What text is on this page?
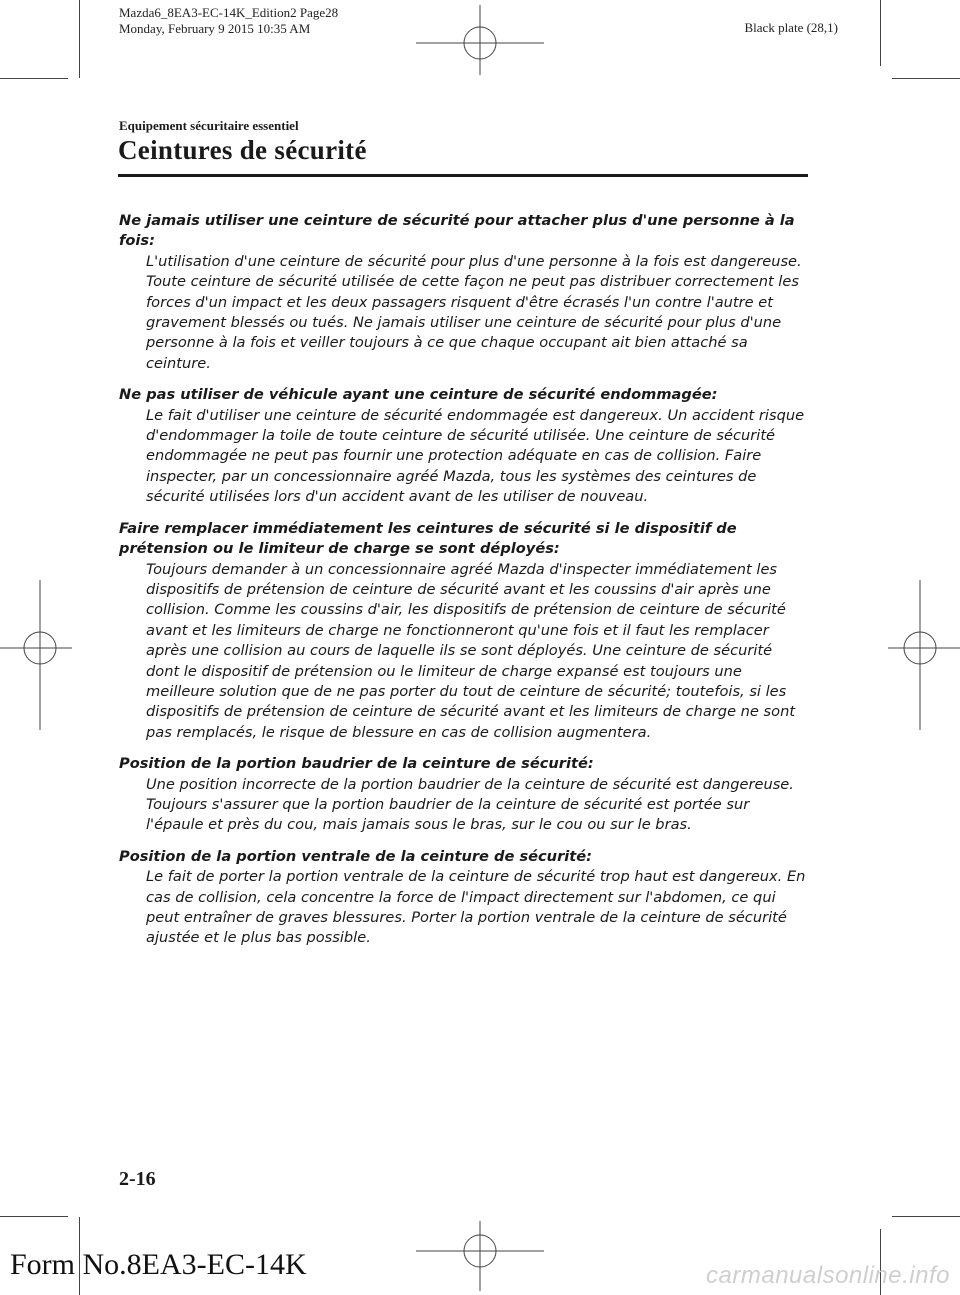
Mazda6_8EA3-EC-14K_Edition2 Page28
Monday, February 9 2015 10:35 AM	Black plate (28,1)
Equipement sécuritaire essentiel
Ceintures de sécurité

Ne jamais utiliser une ceinture de sécurité pour attacher plus d'une personne à la fois:

L'utilisation d'une ceinture de sécurité pour plus d'une personne à la fois est dangereuse. Toute ceinture de sécurité utilisée de cette façon ne peut pas distribuer correctement les forces d'un impact et les deux passagers risquent d'être écrasés l'un contre l'autre et gravement blessés ou tués. Ne jamais utiliser une ceinture de sécurité pour plus d'une personne à la fois et veiller toujours à ce que chaque occupant ait bien attaché sa ceinture.

Ne pas utiliser de véhicule ayant une ceinture de sécurité endommagée:

Le fait d'utiliser une ceinture de sécurité endommagée est dangereux. Un accident risque d'endommager la toile de toute ceinture de sécurité utilisée. Une ceinture de sécurité endommagée ne peut pas fournir une protection adéquate en cas de collision. Faire inspecter, par un concessionnaire agréé Mazda, tous les systèmes des ceintures de sécurité utilisées lors d'un accident avant de les utiliser de nouveau.

Faire remplacer immédiatement les ceintures de sécurité si le dispositif de prétension ou le limiteur de charge se sont déployés:

Toujours demander à un concessionnaire agréé Mazda d'inspecter immédiatement les dispositifs de prétension de ceinture de sécurité avant et les coussins d'air après une collision. Comme les coussins d'air, les dispositifs de prétension de ceinture de sécurité avant et les limiteurs de charge ne fonctionneront qu'une fois et il faut les remplacer après une collision au cours de laquelle ils se sont déployés. Une ceinture de sécurité dont le dispositif de prétension ou le limiteur de charge expansé est toujours une meilleure solution que de ne pas porter du tout de ceinture de sécurité; toutefois, si les dispositifs de prétension de ceinture de sécurité avant et les limiteurs de charge ne sont pas remplacés, le risque de blessure en cas de collision augmentera.

Position de la portion baudrier de la ceinture de sécurité:

Une position incorrecte de la portion baudrier de la ceinture de sécurité est dangereuse. Toujours s'assurer que la portion baudrier de la ceinture de sécurité est portée sur l'épaule et près du cou, mais jamais sous le bras, sur le cou ou sur le bras.

Position de la portion ventrale de la ceinture de sécurité:

Le fait de porter la portion ventrale de la ceinture de sécurité trop haut est dangereux. En cas de collision, cela concentre la force de l'impact directement sur l'abdomen, ce qui peut entraîner de graves blessures. Porter la portion ventrale de la ceinture de sécurité ajustée et le plus bas possible.

2-16
Form No.8EA3-EC-14K	carmanualsonline.info
